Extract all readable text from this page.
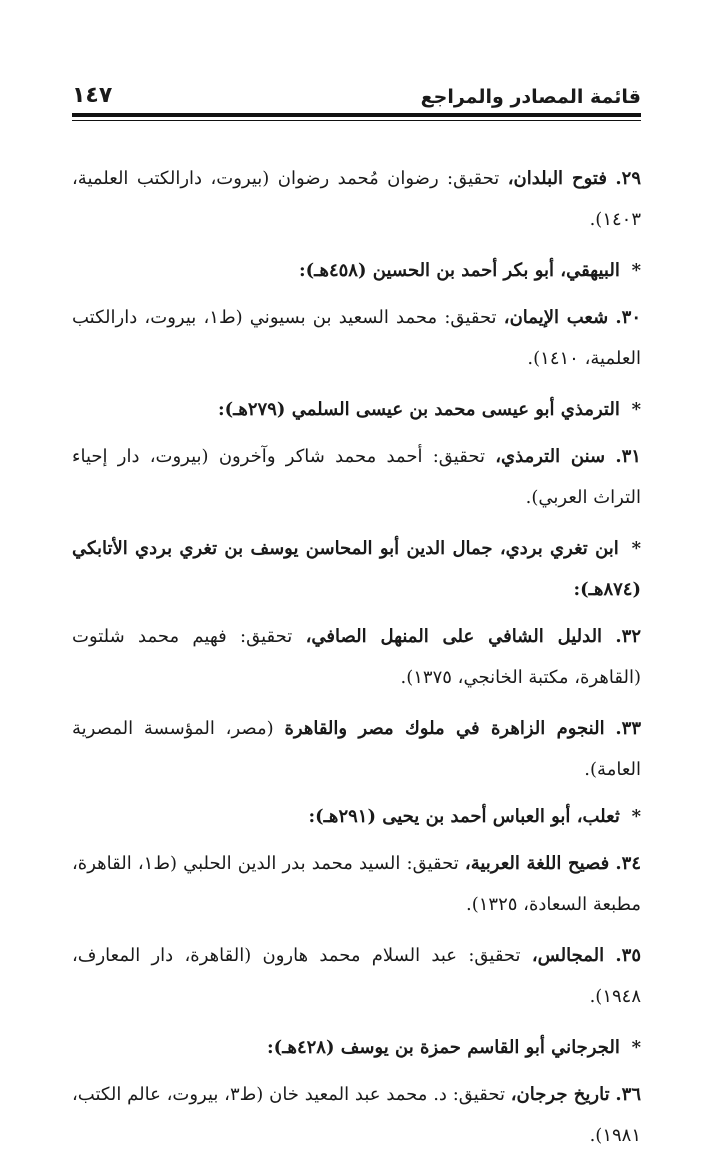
قائمة المصادر والمراجع
١٤٧

٢٩. فتوح البلدان، تحقيق: رضوان مُحمد رضوان (بيروت، دارالكتب العلمية، ١٤٠٣).

* البيهقي، أبو بكر أحمد بن الحسين (٤٥٨هـ):

٣٠. شعب الإيمان، تحقيق: محمد السعيد بن بسيوني (ط١، بيروت، دارالكتب العلمية، ١٤١٠).

* الترمذي أبو عيسى محمد بن عيسى السلمي (٢٧٩هـ):

٣١. سنن الترمذي، تحقيق: أحمد محمد شاكر وآخرون (بيروت، دار إحياء التراث العربي).

* ابن تغري بردي، جمال الدين أبو المحاسن يوسف بن تغري بردي الأتابكي (٨٧٤هـ):

٣٢. الدليل الشافي على المنهل الصافي، تحقيق: فهيم محمد شلتوت (القاهرة، مكتبة الخانجي، ١٣٧٥).

٣٣. النجوم الزاهرة في ملوك مصر والقاهرة (مصر، المؤسسة المصرية العامة).

* ثعلب، أبو العباس أحمد بن يحيى (٢٩١هـ):

٣٤. فصيح اللغة العربية، تحقيق: السيد محمد بدر الدين الحلبي (ط١، القاهرة، مطبعة السعادة، ١٣٢٥).

٣٥. المجالس، تحقيق: عبد السلام محمد هارون (القاهرة، دار المعارف، ١٩٤٨).

* الجرجاني أبو القاسم حمزة بن يوسف (٤٢٨هـ):

٣٦. تاريخ جرجان، تحقيق: د. محمد عبد المعيد خان (ط٣، بيروت، عالم الكتب، ١٩٨١).
